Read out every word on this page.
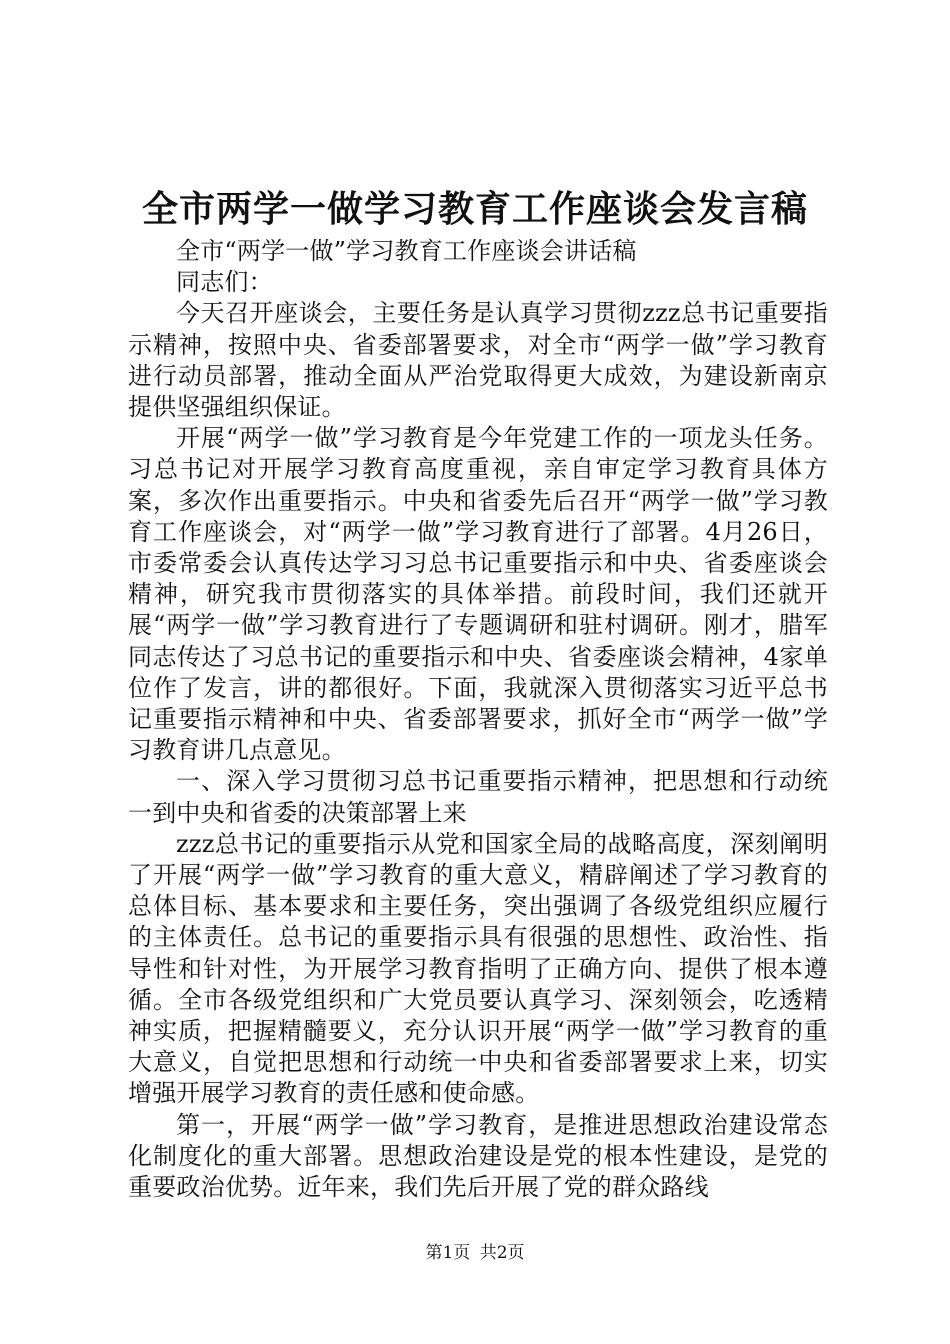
全市两学一做学习教育工作座谈会发言稿

全市“两学一做”学习教育工作座谈会讲话稿

同志们：

今天召开座谈会，主要任务是认真学习贯彻zzz总书记重要指示精神，按照中央、省委部署要求，对全市“两学一做”学习教育进行动员部署，推动全面从严治党取得更大成效，为建设新南京提供坚强组织保证。

开展“两学一做”学习教育是今年党建工作的一项龙头任务。习总书记对开展学习教育高度重视，亲自审定学习教育具体方案，多次作出重要指示。中央和省委先后召开“两学一做”学习教育工作座谈会，对“两学一做”学习教育进行了部署。4月26日，市委常委会认真传达学习习总书记重要指示和中央、省委座谈会精神，研究我市贯彻落实的具体举措。前段时间，我们还就开展“两学一做”学习教育进行了专题调研和驻村调研。刚才，腊军同志传达了习总书记的重要指示和中央、省委座谈会精神，4家单位作了发言，讲的都很好。下面，我就深入贯彻落实习近平总书记重要指示精神和中央、省委部署要求，抓好全市“两学一做”学习教育讲几点意见。

一、深入学习贯彻习总书记重要指示精神，把思想和行动统一到中央和省委的决策部署上来

zzz总书记的重要指示从党和国家全局的战略高度，深刻阐明了开展“两学一做”学习教育的重大意义，精辟阐述了学习教育的总体目标、基本要求和主要任务，突出强调了各级党组织应履行的主体责任。总书记的重要指示具有很强的思想性、政治性、指导性和针对性，为开展学习教育指明了正确方向、提供了根本遵循。全市各级党组织和广大党员要认真学习、深刻领会，吃透精神实质，把握精髓要义，充分认识开展“两学一做”学习教育的重大意义，自觉把思想和行动统一中央和省委部署要求上来，切实增强开展学习教育的责任感和使命感。

第一，开展“两学一做”学习教育，是推进思想政治建设常态化制度化的重大部署。思想政治建设是党的根本性建设，是党的重要政治优势。近年来，我们先后开展了党的群众路线

第1页 共2页
